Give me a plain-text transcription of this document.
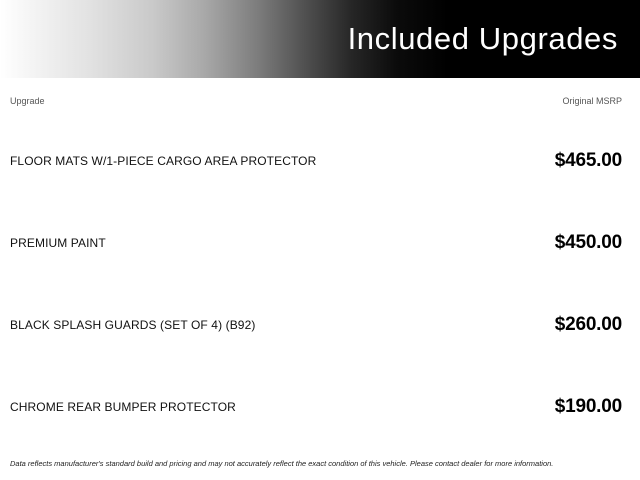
Included Upgrades
Upgrade	Original MSRP
FLOOR MATS W/1-PIECE CARGO AREA PROTECTOR	$465.00
PREMIUM PAINT	$450.00
BLACK SPLASH GUARDS (SET OF 4) (B92)	$260.00
CHROME REAR BUMPER PROTECTOR	$190.00
Data reflects manufacturer's standard build and pricing and may not accurately reflect the exact condition of this vehicle. Please contact dealer for more information.
